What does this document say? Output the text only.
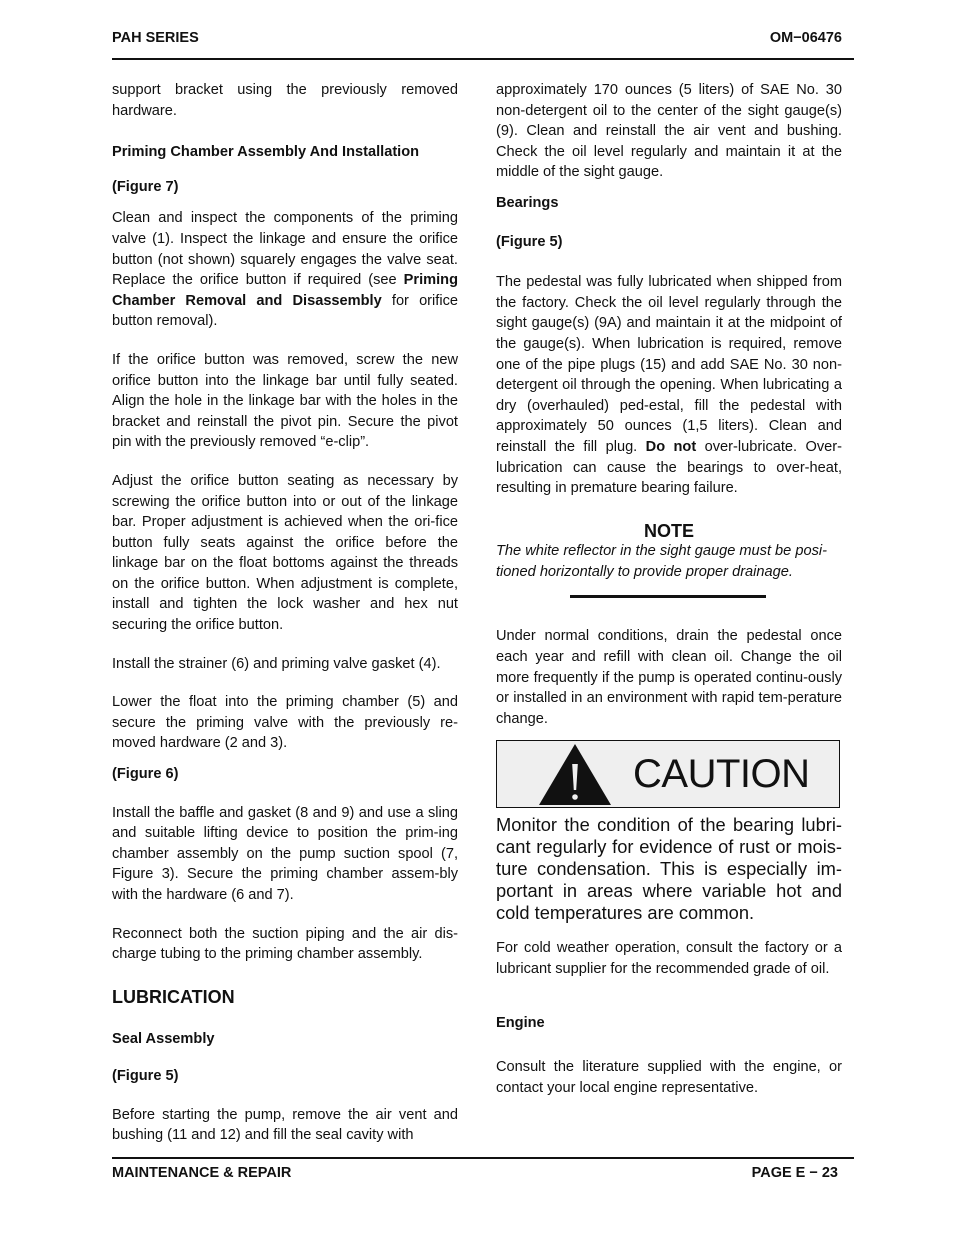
PAH SERIES	OM−06476

support bracket using the previously removed hardware.

Priming Chamber Assembly And Installation

(Figure 7)

Clean and inspect the components of the priming valve (1). Inspect the linkage and ensure the orifice button (not shown) squarely engages the valve seat. Replace the orifice button if required (see Priming Chamber Removal and Disassembly for orifice button removal).

If the orifice button was removed, screw the new orifice button into the linkage bar until fully seated. Align the hole in the linkage bar with the holes in the bracket and reinstall the pivot pin. Secure the pivot pin with the previously removed “e-clip”.

Adjust the orifice button seating as necessary by screwing the orifice button into or out of the linkage bar. Proper adjustment is achieved when the ori-fice button fully seats against the orifice before the linkage bar on the float bottoms against the threads on the orifice button. When adjustment is complete, install and tighten the lock washer and hex nut securing the orifice button.

Install the strainer (6) and priming valve gasket (4).

Lower the float into the priming chamber (5) and secure the priming valve with the previously re-moved hardware (2 and 3).

(Figure 6)

Install the baffle and gasket (8 and 9) and use a sling and suitable lifting device to position the prim-ing chamber assembly on the pump suction spool (7, Figure 3). Secure the priming chamber assem-bly with the hardware (6 and 7).

Reconnect both the suction piping and the air dis-charge tubing to the priming chamber assembly.

LUBRICATION

Seal Assembly

(Figure 5)

Before starting the pump, remove the air vent and bushing (11 and 12) and fill the seal cavity with

approximately 170 ounces (5 liters) of SAE No. 30 non-detergent oil to the center of the sight gauge(s) (9). Clean and reinstall the air vent and bushing. Check the oil level regularly and maintain it at the middle of the sight gauge.

Bearings

(Figure 5)

The pedestal was fully lubricated when shipped from the factory. Check the oil level regularly through the sight gauge(s) (9A) and maintain it at the midpoint of the gauge(s). When lubrication is required, remove one of the pipe plugs (15) and add SAE No. 30 non-detergent oil through the opening. When lubricating a dry (overhauled) ped-estal, fill the pedestal with approximately 50 ounces (1,5 liters). Clean and reinstall the fill plug. Do not over-lubricate. Over-lubrication can cause the bearings to over-heat, resulting in premature bearing failure.

NOTE

The white reflector in the sight gauge must be posi-tioned horizontally to provide proper drainage.

Under normal conditions, drain the pedestal once each year and refill with clean oil. Change the oil more frequently if the pump is operated continu-ously or installed in an environment with rapid tem-perature change.

CAUTION

Monitor the condition of the bearing lubri-cant regularly for evidence of rust or mois-ture condensation. This is especially im-portant in areas where variable hot and cold temperatures are common.

For cold weather operation, consult the factory or a lubricant supplier for the recommended grade of oil.

Engine

Consult the literature supplied with the engine, or contact your local engine representative.

MAINTENANCE & REPAIR	PAGE E − 23
